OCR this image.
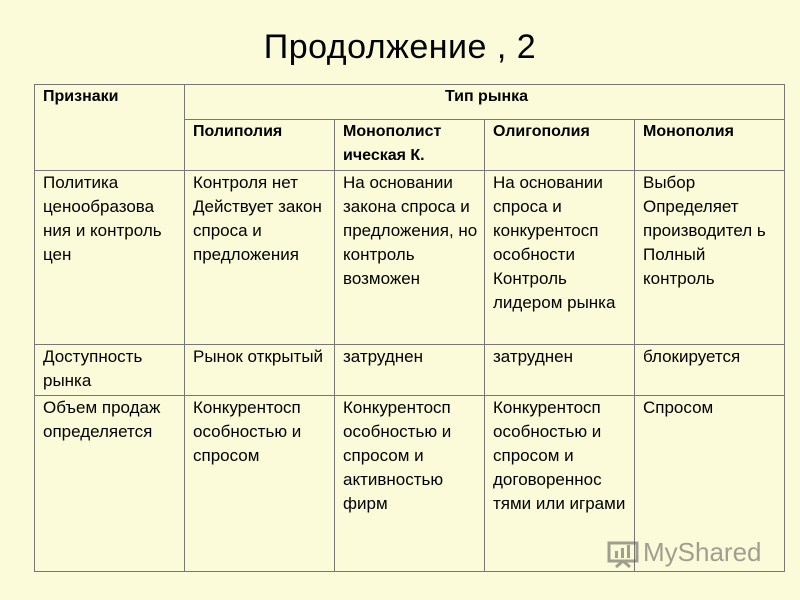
Продолжение , 2
Признаки	Тип рынка			
	Полиполия	Монополист ическая К.	Олигополия	Монополия
Политика ценообразова ния и контроль цен	Контроля нет Действует закон спроса и предложения	На основании закона спроса и предложения, но контроль возможен	На основании спроса и конкурентосп особности Контроль лидером рынка	Выбор Определяет производител ь Полный контроль
Доступность рынка	Рынок открытый	затруднен	затруднен	блокируется
Объем продаж определяется	Конкурентосп особностью и спросом	Конкурентосп особностью и спросом и активностью фирм	Конкурентосп особностью и спросом и договореннос тями или играми	Спросом
MyShared
